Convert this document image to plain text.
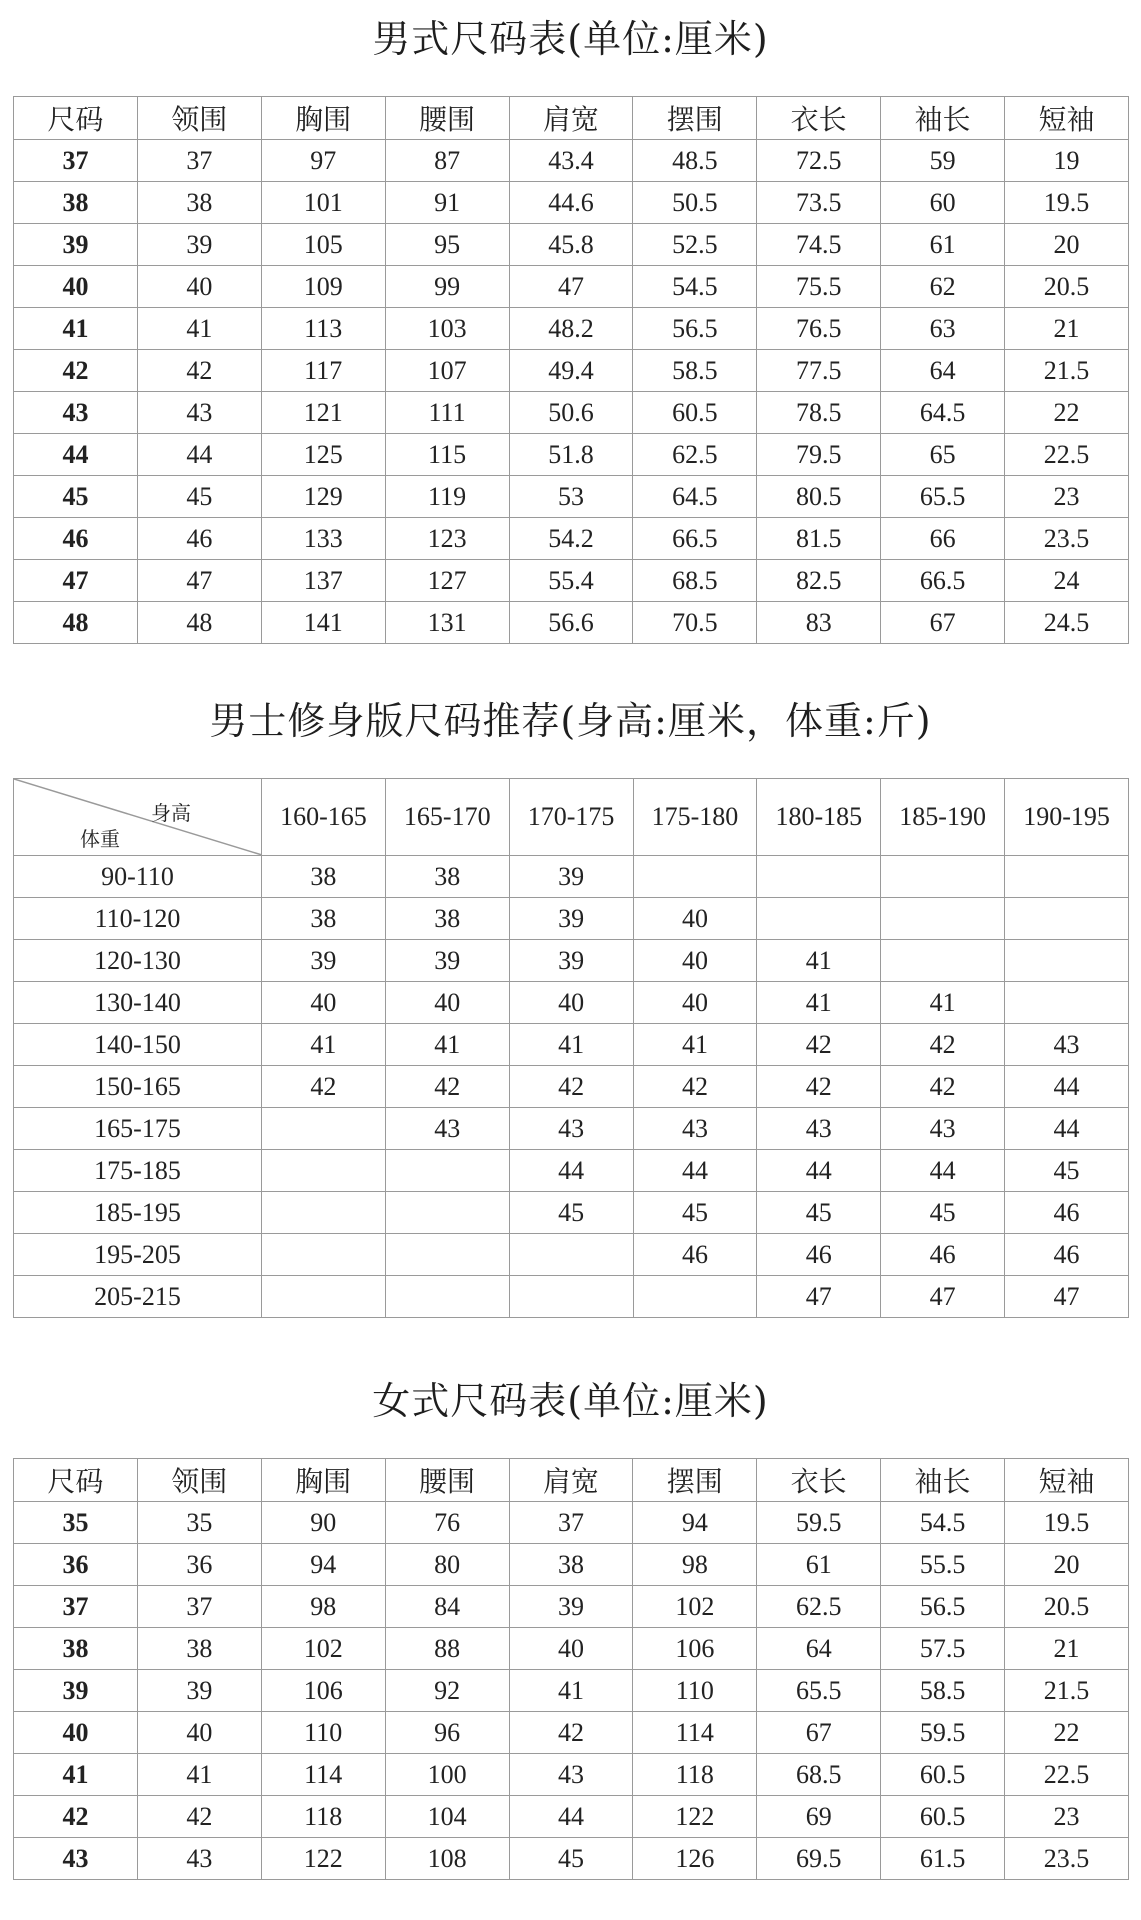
男式尺码表(单位:厘米)
尺码	领围	胸围	腰围	肩宽	摆围	衣长	袖长	短袖
37	37	97	87	43.4	48.5	72.5	59	19
38	38	101	91	44.6	50.5	73.5	60	19.5
39	39	105	95	45.8	52.5	74.5	61	20
40	40	109	99	47	54.5	75.5	62	20.5
41	41	113	103	48.2	56.5	76.5	63	21
42	42	117	107	49.4	58.5	77.5	64	21.5
43	43	121	111	50.6	60.5	78.5	64.5	22
44	44	125	115	51.8	62.5	79.5	65	22.5
45	45	129	119	53	64.5	80.5	65.5	23
46	46	133	123	54.2	66.5	81.5	66	23.5
47	47	137	127	55.4	68.5	82.5	66.5	24
48	48	141	131	56.6	70.5	83	67	24.5
男士修身版尺码推荐(身高:厘米，体重:斤)
身高
体重	160-165	165-170	170-175	175-180	180-185	185-190	190-195
90-110	38	38	39				
110-120	38	38	39	40			
120-130	39	39	39	40	41		
130-140	40	40	40	40	41	41	
140-150	41	41	41	41	42	42	43
150-165	42	42	42	42	42	42	44
165-175		43	43	43	43	43	44
175-185			44	44	44	44	45
185-195			45	45	45	45	46
195-205				46	46	46	46
205-215					47	47	47
女式尺码表(单位:厘米)
尺码	领围	胸围	腰围	肩宽	摆围	衣长	袖长	短袖
35	35	90	76	37	94	59.5	54.5	19.5
36	36	94	80	38	98	61	55.5	20
37	37	98	84	39	102	62.5	56.5	20.5
38	38	102	88	40	106	64	57.5	21
39	39	106	92	41	110	65.5	58.5	21.5
40	40	110	96	42	114	67	59.5	22
41	41	114	100	43	118	68.5	60.5	22.5
42	42	118	104	44	122	69	60.5	23
43	43	122	108	45	126	69.5	61.5	23.5
